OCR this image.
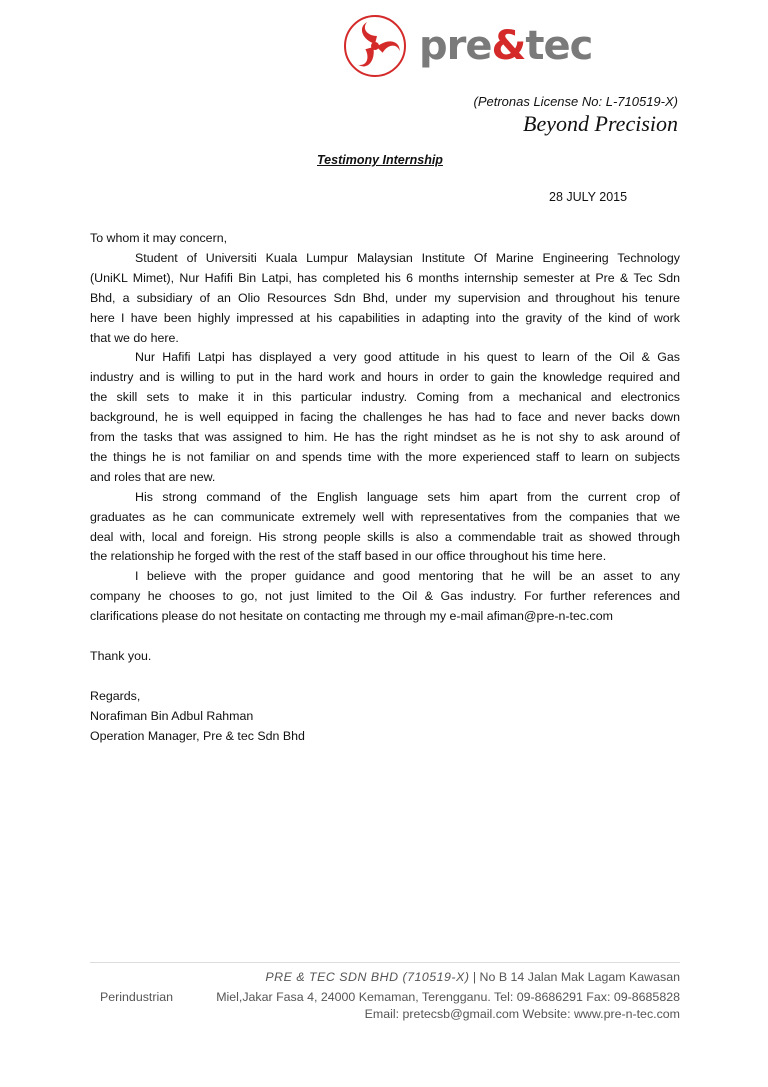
pre&tec
(Petronas License No: L-710519-X)
Beyond Precision
Testimony Internship
28 JULY 2015
To whom it may concern,
Student of Universiti Kuala Lumpur Malaysian Institute Of Marine Engineering Technology
(UniKL Mimet), Nur Hafifi Bin Latpi, has completed his 6 months internship semester at Pre & Tec Sdn
Bhd, a subsidiary of an Olio Resources Sdn Bhd, under my supervision and throughout his tenure
here I have been highly impressed at his capabilities in adapting into the gravity of the kind of work
that we do here.
Nur Hafifi Latpi has displayed a very good attitude in his quest to learn of the Oil & Gas
industry and is willing to put in the hard work and hours in order to gain the knowledge required and
the skill sets to make it in this particular industry. Coming from a mechanical and electronics
background, he is well equipped in facing the challenges he has had to face and never backs down
from the tasks that was assigned to him. He has the right mindset as he is not shy to ask around of
the things he is not familiar on and spends time with the more experienced staff to learn on subjects
and roles that are new.
His strong command of the English language sets him apart from the current crop of
graduates as he can communicate extremely well with representatives from the companies that we
deal with, local and foreign. His strong people skills is also a commendable trait as showed through
the relationship he forged with the rest of the staff based in our office throughout his time here.
I believe with the proper guidance and good mentoring that he will be an asset to any
company he chooses to go, not just limited to the Oil & Gas industry. For further references and
clarifications please do not hesitate on contacting me through my e-mail afiman@pre-n-tec.com
Thank you.
Regards,
Norafiman Bin Adbul Rahman
Operation Manager, Pre & tec Sdn Bhd
PRE & TEC SDN BHD (710519-X) | No B 14 Jalan Mak Lagam Kawasan
Perindustrian	Miel,Jakar Fasa 4, 24000 Kemaman, Terengganu. Tel: 09-8686291 Fax: 09-8685828
Email: pretecsb@gmail.com Website: www.pre-n-tec.com
